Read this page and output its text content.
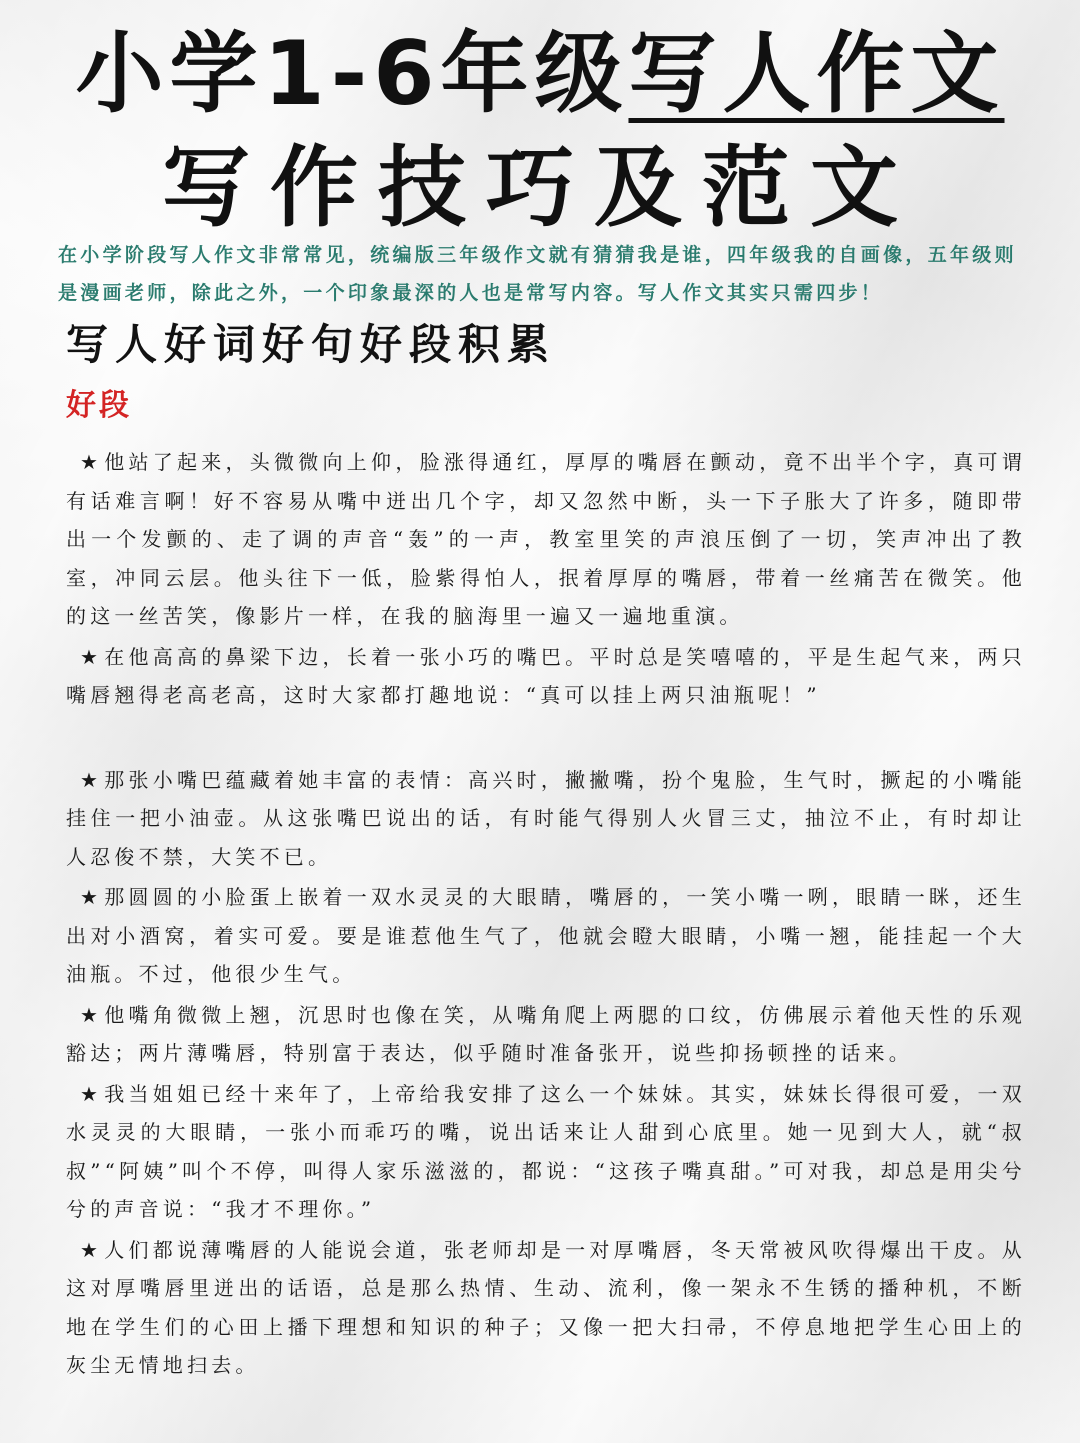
小学1-6年级写人作文
写作技巧及范文
在小学阶段写人作文非常常见，统编版三年级作文就有猜猜我是谁，四年级我的自画像，五年级则是漫画老师，除此之外，一个印象最深的人也是常写内容。写人作文其实只需四步！
写人好词好句好段积累
好段

★ 他站了起来，头微微向上仰，脸涨得通红，厚厚的嘴唇在颤动，竟不出半个字，真可谓有话难言啊！好不容易从嘴中迸出几个字，却又忽然中断，头一下子胀大了许多，随即带出一个发颤的、走了调的声音“轰”的一声，教室里笑的声浪压倒了一切，笑声冲出了教室，冲同云层。他头往下一低，脸紫得怕人，抿着厚厚的嘴唇，带着一丝痛苦在微笑。他的这一丝苦笑，像影片一样，在我的脑海里一遍又一遍地重演。

★ 在他高高的鼻梁下边，长着一张小巧的嘴巴。平时总是笑嘻嘻的，平是生起气来，两只嘴唇翘得老高老高，这时大家都打趣地说：“真可以挂上两只油瓶呢！”

★ 那张小嘴巴蕴藏着她丰富的表情：高兴时，撇撇嘴，扮个鬼脸，生气时，撅起的小嘴能挂住一把小油壶。从这张嘴巴说出的话，有时能气得别人火冒三丈，抽泣不止，有时却让人忍俊不禁，大笑不已。

★ 那圆圆的小脸蛋上嵌着一双水灵灵的大眼睛，嘴唇的，一笑小嘴一咧，眼睛一眯，还生出对小酒窝，着实可爱。要是谁惹他生气了，他就会瞪大眼睛，小嘴一翘，能挂起一个大油瓶。不过，他很少生气。

★ 他嘴角微微上翘，沉思时也像在笑，从嘴角爬上两腮的口纹，仿佛展示着他天性的乐观豁达；两片薄嘴唇，特别富于表达，似乎随时准备张开，说些抑扬顿挫的话来。

★ 我当姐姐已经十来年了，上帝给我安排了这么一个妹妹。其实，妹妹长得很可爱，一双水灵灵的大眼睛，一张小而乖巧的嘴，说出话来让人甜到心底里。她一见到大人，就“叔叔”“阿姨”叫个不停，叫得人家乐滋滋的，都说：“这孩子嘴真甜。”可对我，却总是用尖兮兮的声音说：“我才不理你。”

★ 人们都说薄嘴唇的人能说会道，张老师却是一对厚嘴唇，冬天常被风吹得爆出干皮。从这对厚嘴唇里迸出的话语，总是那么热情、生动、流利，像一架永不生锈的播种机，不断地在学生们的心田上播下理想和知识的种子；又像一把大扫帚，不停息地把学生心田上的灰尘无情地扫去。
